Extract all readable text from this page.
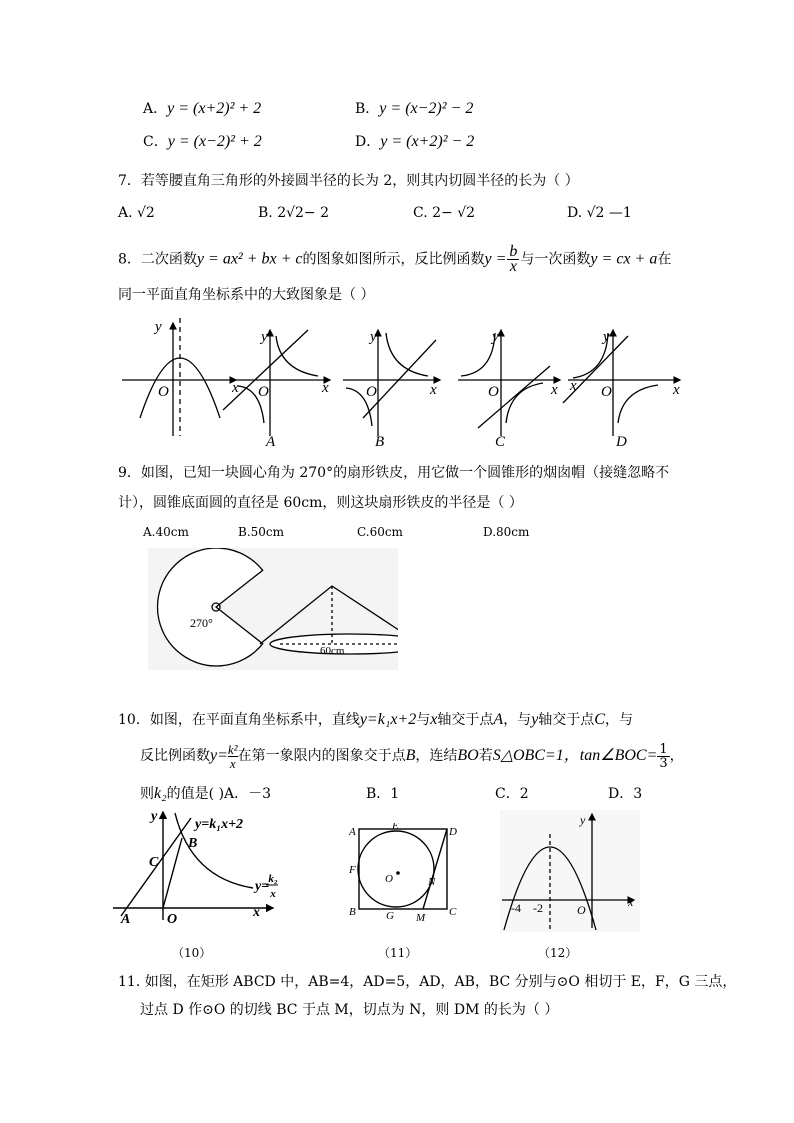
A．y = (x+2)² + 2	B．y = (x−2)² − 2
C．y = (x−2)² + 2	D．y = (x+2)² − 2
7．若等腰直角三角形的外接圆半径的长为 2，则其内切圆半径的长为（ ）
A. √2	B. 2√2− 2	C. 2− √2	D. √2 —1
8．二次函数y = ax² + bx + c的图象如图所示，反比例函数$y = \frac{b}{x}$ 与一次函数y = cx + a在
同一平面直角坐标系中的大致图象是（ ）
y
O
y
x O	x
y
O	x
y
O	x
y
O
x	x
A	B	C	D
9．如图，已知一块圆心角为 270°的扇形铁皮，用它做一个圆锥形的烟囱帽（接缝忽略不
计），圆锥底面圆的直径是 60cm，则这块扇形铁皮的半径是（ ）
A.40cm	B.50cm	C.60cm	D.80cm
270°
60cm
10．如图，在平面直角坐标系中，直线y=k₁x+2与x轴交于点A，与y轴交于点C，与
反比例函数$y= \frac{\text{k²}}{x}$ 在第一象限内的图象交于点B，连结BO若S△OBC=1，tan∠BOC= $\frac{1}{3}$ ，
则k₂的值是( )A．－3	B．1	C．2	D．3
y
y=k₁x+2
B
C
A	O	x
y= k₂
x
（10）
A	E	D
F
O	N
B	G M C
（11）
y
x
-4 -2	O
（12）
11. 如图，在矩形 ABCD 中，AB=4，AD=5，AD，AB，BC 分别与⊙O 相切于 E，F，G 三点，
过点 D 作⊙O 的切线 BC 于点 M，切点为 N，则 DM 的长为（ ）
